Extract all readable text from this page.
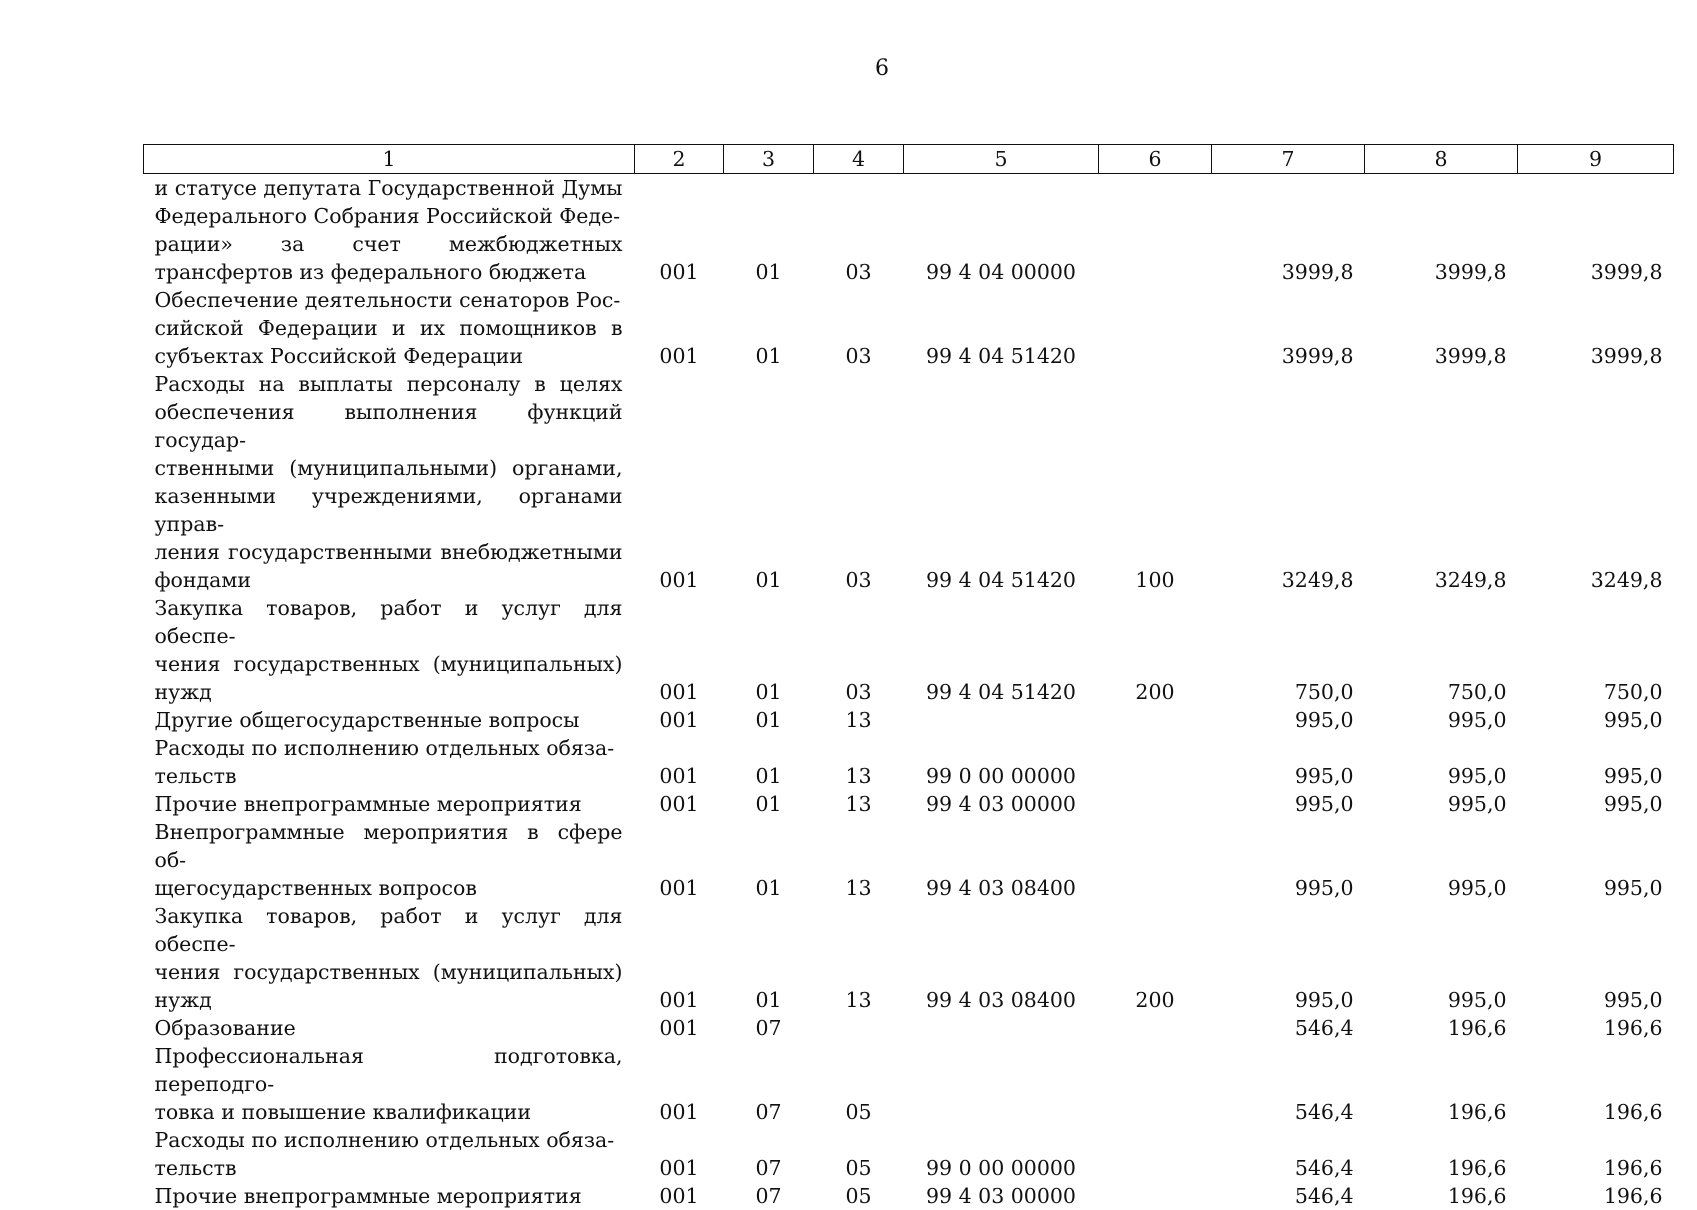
6
1	2	3	4	5	6	7	8	9
и статусе депутата Государственной Думы Федерального Собрания Российской Феде-
рации» за счет межбюджетных трансфертов из федерального бюджета	001	01	03	99 4 04 00000		3999,8	3999,8	3999,8
Обеспечение деятельности сенаторов Рос-
сийской Федерации и их помощников в субъектах Российской Федерации	001	01	03	99 4 04 51420		3999,8	3999,8	3999,8
Расходы на выплаты персоналу в целях обеспечения выполнения функций государ-
ственными (муниципальными) органами, казенными учреждениями, органами управ-
ления государственными внебюджетными фондами	001	01	03	99 4 04 51420	100	3249,8	3249,8	3249,8
Закупка товаров, работ и услуг для обеспе-
чения государственных (муниципальных) нужд	001	01	03	99 4 04 51420	200	750,0	750,0	750,0
Другие общегосударственные вопросы	001	01	13			995,0	995,0	995,0
Расходы по исполнению отдельных обяза-
тельств	001	01	13	99 0 00 00000		995,0	995,0	995,0
Прочие внепрограммные мероприятия	001	01	13	99 4 03 00000		995,0	995,0	995,0
Внепрограммные мероприятия в сфере об-
щегосударственных вопросов	001	01	13	99 4 03 08400		995,0	995,0	995,0
Закупка товаров, работ и услуг для обеспе-
чения государственных (муниципальных) нужд	001	01	13	99 4 03 08400	200	995,0	995,0	995,0
Образование	001	07				546,4	196,6	196,6
Профессиональная подготовка, переподго-
товка и повышение квалификации	001	07	05			546,4	196,6	196,6
Расходы по исполнению отдельных обяза-
тельств	001	07	05	99 0 00 00000		546,4	196,6	196,6
Прочие внепрограммные мероприятия	001	07	05	99 4 03 00000		546,4	196,6	196,6
